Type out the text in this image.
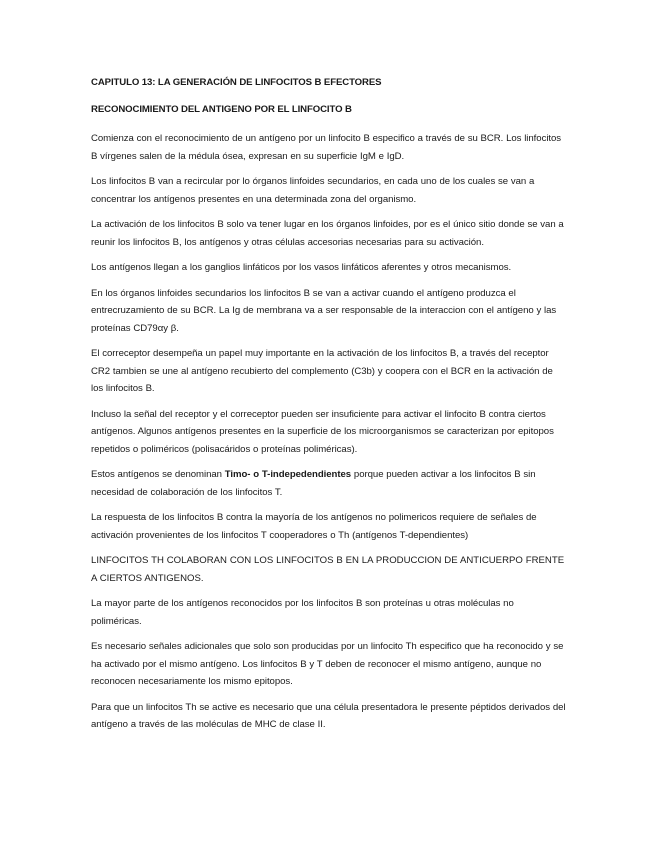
CAPITULO 13: LA GENERACIÓN DE LINFOCITOS B EFECTORES

RECONOCIMIENTO DEL ANTIGENO POR EL LINFOCITO B

Comienza con el reconocimiento de un antígeno por un linfocito B especifico a través de su BCR. Los linfocitos B vírgenes salen de la médula ósea, expresan en su superficie IgM e IgD.

Los linfocitos B van a recircular por lo órganos linfoides secundarios, en cada uno de los cuales se van a concentrar los antígenos presentes en una determinada zona del organismo.

La activación de los linfocitos B solo va tener lugar en los órganos linfoides, por es el único sitio donde se van a reunir los linfocitos B, los antígenos y otras células accesorias necesarias para su activación.

Los antígenos llegan a los ganglios linfáticos por los vasos linfáticos aferentes y otros mecanismos.

En los órganos linfoides secundarios los linfocitos B se van a activar cuando el antígeno produzca el entrecruzamiento de su BCR. La Ig de membrana va a ser responsable de la interaccion con el antígeno y las proteínas CD79αy β.

El correceptor desempeña un papel muy importante en la activación de los linfocitos B, a través del receptor CR2 tambien se une al antígeno recubierto del complemento (C3b) y coopera con el BCR en la activación de los linfocitos B.

Incluso la señal del receptor y el correceptor pueden ser insuficiente para activar el linfocito B contra ciertos antígenos. Algunos antígenos presentes en la superficie de los microorganismos se caracterizan por epitopos repetidos o poliméricos (polisacáridos o proteínas poliméricas).

Estos antígenos se denominan Timo- o T-indepedendientes porque pueden activar a los linfocitos B sin necesidad de colaboración de los linfocitos T.

La respuesta de los linfocitos B contra la mayoría de los antígenos no polimericos requiere de señales de activación provenientes de los linfocitos T cooperadores o Th (antígenos T-dependientes)

LINFOCITOS TH COLABORAN CON LOS LINFOCITOS B EN LA PRODUCCION DE ANTICUERPO FRENTE A CIERTOS ANTIGENOS.

La mayor parte de los antígenos reconocidos por los linfocitos B son proteínas u otras moléculas no poliméricas.

Es necesario señales adicionales que solo son producidas por un linfocito Th especifico que ha reconocido y se ha activado por el mismo antígeno. Los linfocitos B y T deben de reconocer el mismo antígeno, aunque no reconocen necesariamente los mismo epitopos.

Para que un linfocitos Th se active es necesario que una célula presentadora le presente péptidos derivados del antígeno a través de las moléculas de MHC de clase II.
